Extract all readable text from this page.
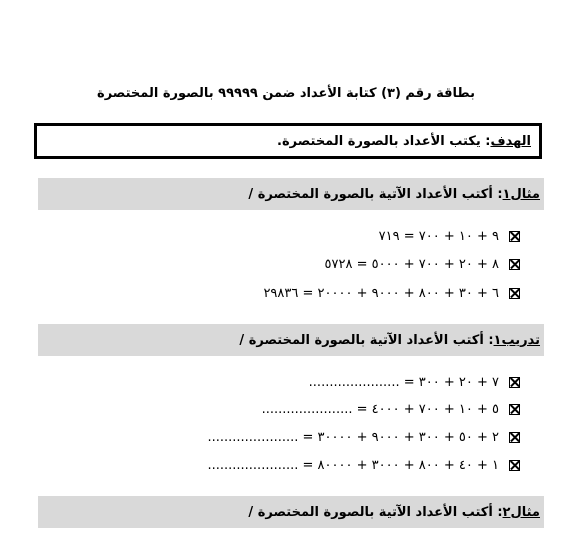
بطاقة رقم (٣) كتابة الأعداد ضمن ٩٩٩٩٩ بالصورة المختصرة
الهدف
: يكتب الأعداد بالصورة المختصرة.
مثال١
: أكتب الأعداد الآتية بالصورة المختصرة /
٩ + ١٠ + ٧٠٠ = ٧١٩
٨ + ٢٠ + ٧٠٠ + ٥٠٠٠ = ٥٧٢٨
٦ + ٣٠ + ٨٠٠ + ٩٠٠٠ + ٢٠٠٠٠ = ٢٩٨٣٦
تدريب١
: أكتب الأعداد الآتية بالصورة المختصرة /
٧ + ٢٠ + ٣٠٠ = ......................
٥ + ١٠ + ٧٠٠ + ٤٠٠٠ = ......................
٢ + ٥٠ + ٣٠٠ + ٩٠٠٠ + ٣٠٠٠٠ = ......................
١ + ٤٠ + ٨٠٠ + ٣٠٠٠ + ٨٠٠٠٠ = ......................
مثال٢
: أكتب الأعداد الآتية بالصورة المختصرة /
